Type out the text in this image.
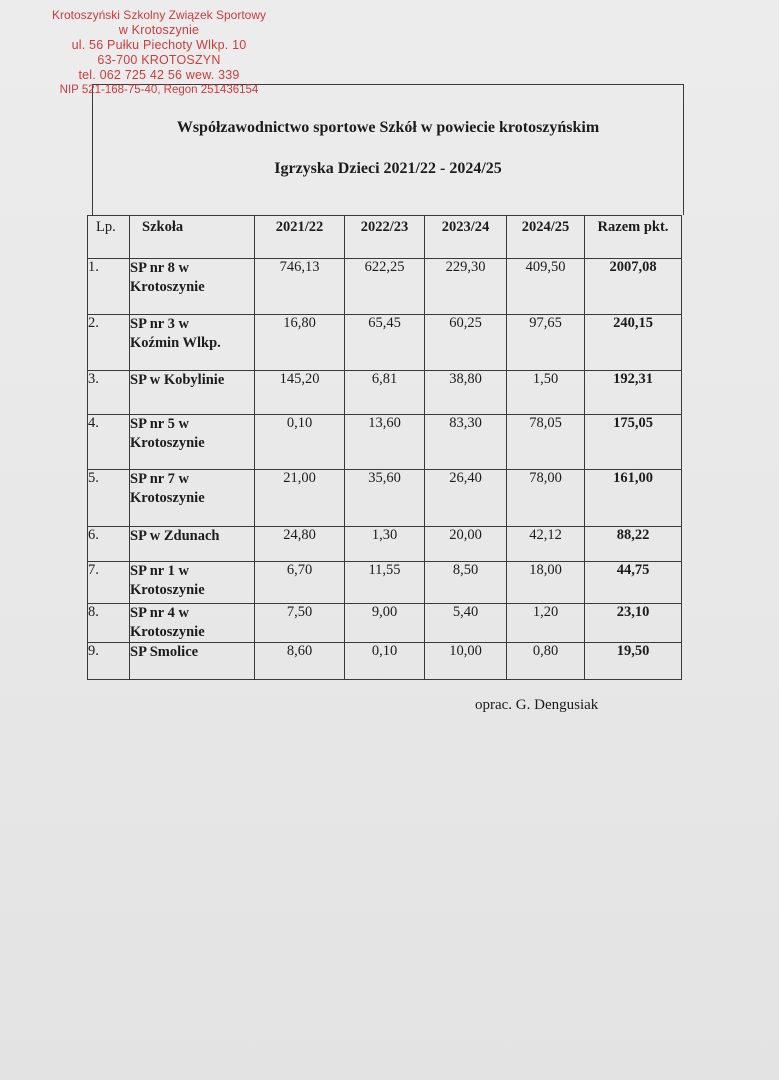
Krotoszyński Szkolny Związek Sportowy
w Krotoszynie
ul. 56 Pułku Piechoty Wlkp. 10
63-700 KROTOSZYN
tel. 062 725 42 56 wew. 339
NIP 521-168-75-40, Regon 251436154
Współzawodnictwo sportowe Szkół w powiecie krotoszyńskim
Igrzyska Dzieci 2021/22 - 2024/25
Lp.	Szkoła	2021/22	2022/23	2023/24	2024/25	Razem pkt.
1.	SP nr 8 w
Krotoszynie	746,13	622,25	229,30	409,50	2007,08
2.	SP nr 3 w
Koźmin Wlkp.	16,80	65,45	60,25	97,65	240,15
3.	SP w Kobylinie	145,20	6,81	38,80	1,50	192,31
4.	SP nr 5 w
Krotoszynie	0,10	13,60	83,30	78,05	175,05
5.	SP nr 7 w
Krotoszynie	21,00	35,60	26,40	78,00	161,00
6.	SP w Zdunach	24,80	1,30	20,00	42,12	88,22
7.	SP nr 1 w
Krotoszynie	6,70	11,55	8,50	18,00	44,75
8.	SP nr 4 w
Krotoszynie	7,50	9,00	5,40	1,20	23,10
9.	SP Smolice	8,60	0,10	10,00	0,80	19,50
oprac. G. Dengusiak
